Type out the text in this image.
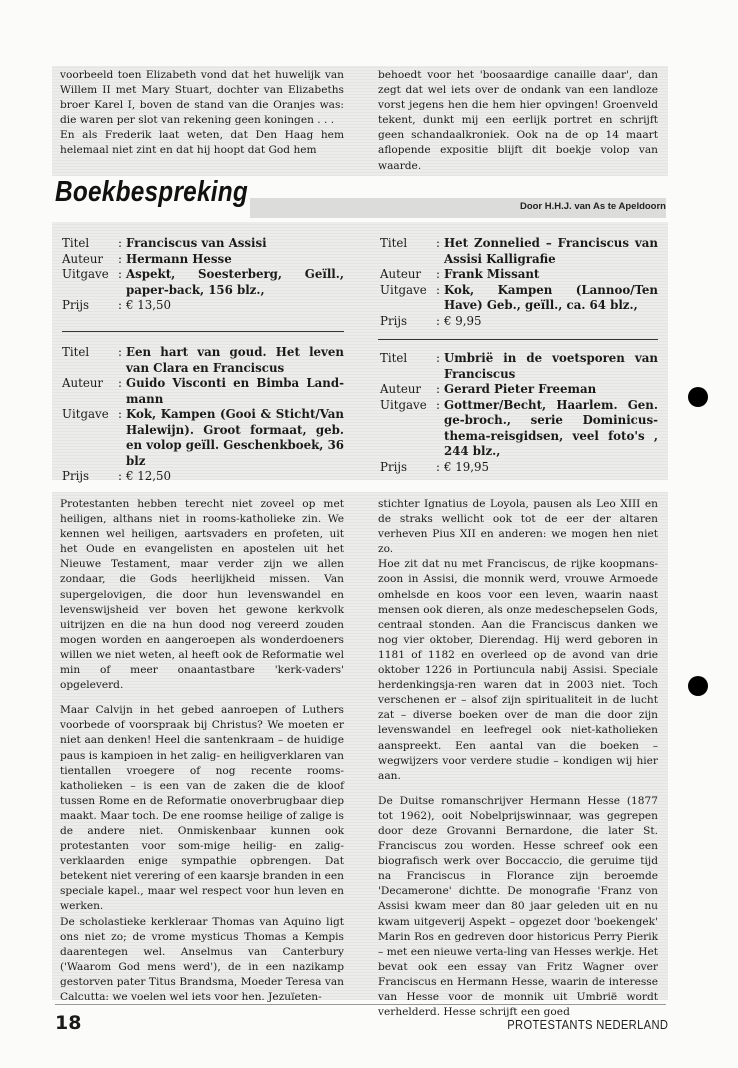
voorbeeld toen Elizabeth vond dat het huwelijk van Willem II met Mary Stuart, dochter van Elizabeths broer Karel I, boven de stand van die Oranjes was: die waren per slot van rekening geen koningen . . .

En als Frederik laat weten, dat Den Haag hem helemaal niet zint en dat hij hoopt dat God hem

behoedt voor het 'boosaardige canaille daar', dan zegt dat wel iets over de ondank van een landloze vorst jegens hen die hem hier opvingen! Groenveld tekent, dunkt mij een eerlijk portret en schrijft geen schandaalkroniek. Ook na de op 14 maart aflopende expositie blijft dit boekje volop van waarde.

Boekbespreking	Door H.H.J. van As te Apeldoorn
Titel	: Franciscus van Assisi
Auteur	: Hermann Hesse
Uitgave : Aspekt, Soesterberg, Geïll., paper-back, 156 blz.,
Prijs	: € 13,50
Titel	: Een hart van goud. Het leven van Clara en Franciscus
Auteur	: Guido Visconti en Bimba Land-mann
Uitgave : Kok, Kampen (Gooi & Sticht/Van Halewijn). Groot formaat, geb. en volop geïll. Geschenkboek, 36 blz
Prijs	: € 12,50
Titel	: Het Zonnelied – Franciscus van Assisi Kalligrafie
Auteur	: Frank Missant
Uitgave : Kok, Kampen (Lannoo/Ten Have) Geb., geïll., ca. 64 blz.,
Prijs	: € 9,95
Titel	: Umbrië in de voetsporen van Franciscus
Auteur	: Gerard Pieter Freeman
Uitgave : Gottmer/Becht, Haarlem. Gen. ge-broch., serie Dominicus-thema-reisgidsen, veel foto's , 244 blz.,
Prijs	: € 19,95

Protestanten hebben terecht niet zoveel op met heiligen, althans niet in rooms-katholieke zin. We kennen wel heiligen, aartsvaders en profeten, uit het Oude en evangelisten en apostelen uit het Nieuwe Testament, maar verder zijn we allen zondaar, die Gods heerlijkheid missen. Van supergelovigen, die door hun levenswandel en levenswijsheid ver boven het gewone kerkvolk uitrijzen en die na hun dood nog vereerd zouden mogen worden en aangeroepen als wonderdoeners willen we niet weten, al heeft ook de Reformatie wel min of meer onaantastbare 'kerk-vaders' opgeleverd.

Maar Calvijn in het gebed aanroepen of Luthers voorbede of voorspraak bij Christus? We moeten er niet aan denken! Heel die santenkraam – de huidige paus is kampioen in het zalig- en heiligverklaren van tientallen vroegere of nog recente rooms-katholieken – is een van de zaken die de kloof tussen Rome en de Reformatie onoverbrugbaar diep maakt. Maar toch. De ene roomse heilige of zalige is de andere niet. Onmiskenbaar kunnen ook protestanten voor som-mige heilig- en zalig-verklaarden enige sympathie opbrengen. Dat betekent niet verering of een kaarsje branden in een speciale kapel., maar wel respect voor hun leven en werken.

De scholastieke kerkleraar Thomas van Aquino ligt ons niet zo; de vrome mysticus Thomas a Kempis daarentegen wel. Anselmus van Canterbury ('Waarom God mens werd'), de in een nazikamp gestorven pater Titus Brandsma, Moeder Teresa van Calcutta: we voelen wel iets voor hen. Jezuïeten-

stichter Ignatius de Loyola, pausen als Leo XIII en de straks wellicht ook tot de eer der altaren verheven Pius XII en anderen: we mogen hen niet zo.

Hoe zit dat nu met Franciscus, de rijke koopmans-zoon in Assisi, die monnik werd, vrouwe Armoede omhelsde en koos voor een leven, waarin naast mensen ook dieren, als onze medeschepselen Gods, centraal stonden. Aan die Franciscus danken we nog vier oktober, Dierendag. Hij werd geboren in 1181 of 1182 en overleed op de avond van drie oktober 1226 in Portiuncula nabij Assisi. Speciale herdenkingsja-ren waren dat in 2003 niet. Toch verschenen er – alsof zijn spiritualiteit in de lucht zat – diverse boeken over de man die door zijn levenswandel en leefregel ook niet-katholieken aanspreekt. Een aantal van die boeken – wegwijzers voor verdere studie – kondigen wij hier aan.

De Duitse romanschrijver Hermann Hesse (1877 tot 1962), ooit Nobelprijswinnaar, was gegrepen door deze Grovanni Bernardone, die later St. Franciscus zou worden. Hesse schreef ook een biografisch werk over Boccaccio, die geruime tijd na Franciscus in Florance zijn beroemde 'Decamerone' dichtte. De monografie 'Franz von Assisi kwam meer dan 80 jaar geleden uit en nu kwam uitgeverij Aspekt – opgezet door 'boekengek' Marin Ros en gedreven door historicus Perry Pierik – met een nieuwe verta-ling van Hesses werkje. Het bevat ook een essay van Fritz Wagner over Franciscus en Hermann Hesse, waarin de interesse van Hesse voor de monnik uit Umbrië wordt verhelderd. Hesse schrijft een goed

18	PROTESTANTS NEDERLAND
